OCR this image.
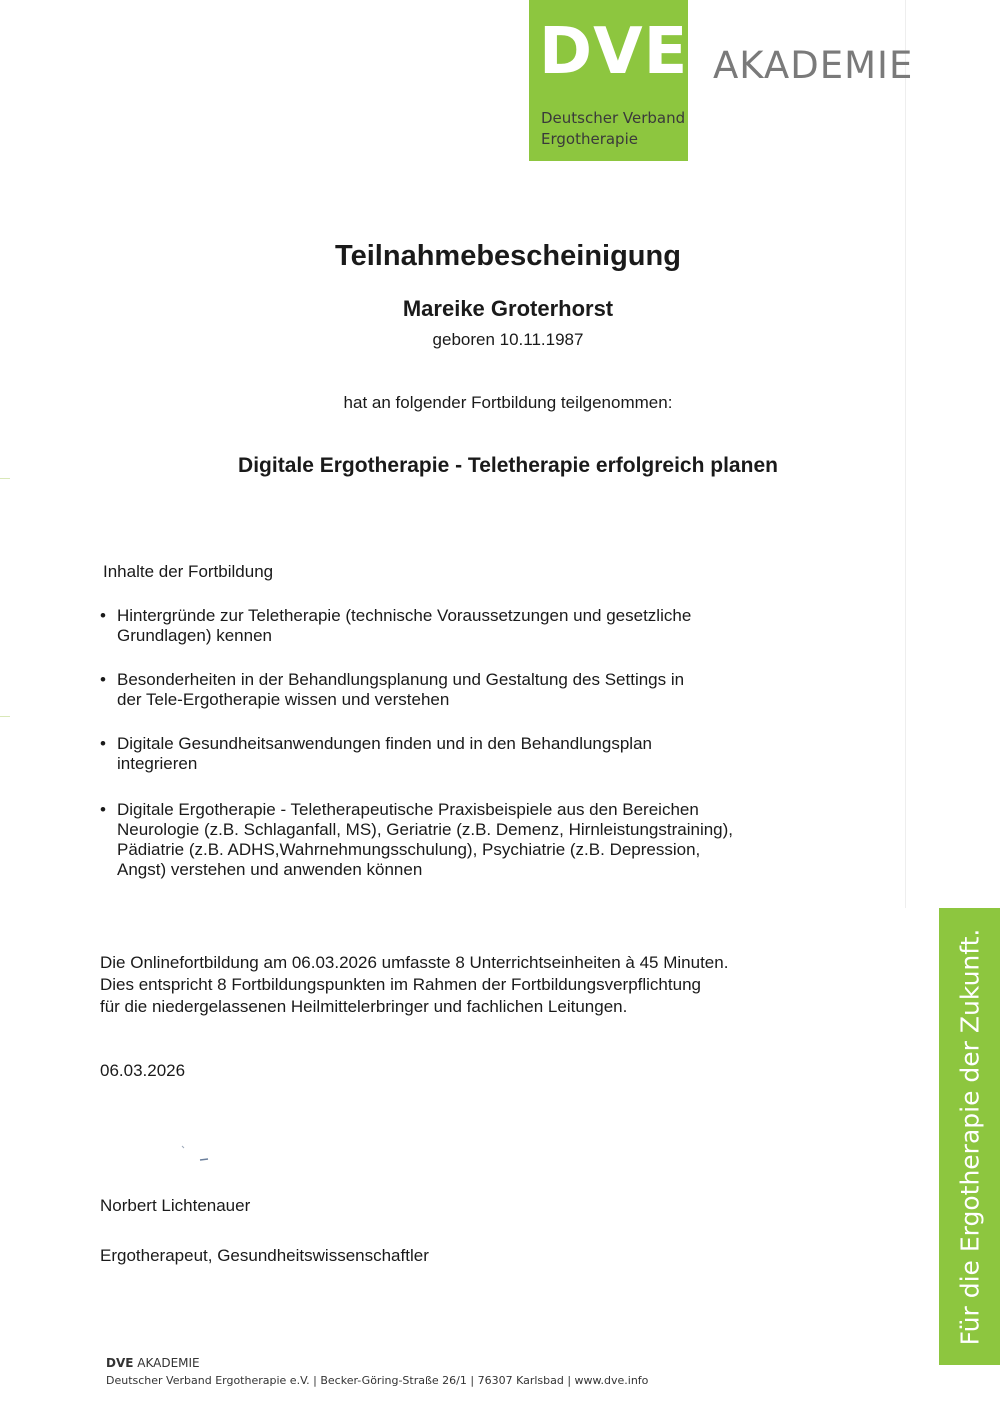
DVE
Deutscher Verband
Ergotherapie
AKADEMIE
Teilnahmebescheinigung
Mareike Groterhorst
geboren 10.11.1987
hat an folgender Fortbildung teilgenommen:
Digitale Ergotherapie - Teletherapie erfolgreich planen
Inhalte der Fortbildung
• Hintergründe zur Teletherapie (technische Voraussetzungen und gesetzliche
Grundlagen) kennen
• Besonderheiten in der Behandlungsplanung und Gestaltung des Settings in
der Tele-Ergotherapie wissen und verstehen
• Digitale Gesundheitsanwendungen finden und in den Behandlungsplan
integrieren
• Digitale Ergotherapie - Teletherapeutische Praxisbeispiele aus den Bereichen
Neurologie (z.B. Schlaganfall, MS), Geriatrie (z.B. Demenz, Hirnleistungstraining),
Pädiatrie (z.B. ADHS,Wahrnehmungsschulung), Psychiatrie (z.B. Depression,
Angst) verstehen und anwenden können
Die Onlinefortbildung am 06.03.2026 umfasste 8 Unterrichtseinheiten à 45 Minuten.
Dies entspricht 8 Fortbildungspunkten im Rahmen der Fortbildungsverpflichtung
für die niedergelassenen Heilmittelerbringer und fachlichen Leitungen.
06.03.2026

Norbert Lichtenauer

Ergotherapeut, Gesundheitswissenschaftler	Für die Ergotherapie der Zukunft.
DVE AKADEMIE
Deutscher Verband Ergotherapie e.V. | Becker-Göring-Straße 26/1 | 76307 Karlsbad | www.dve.info
